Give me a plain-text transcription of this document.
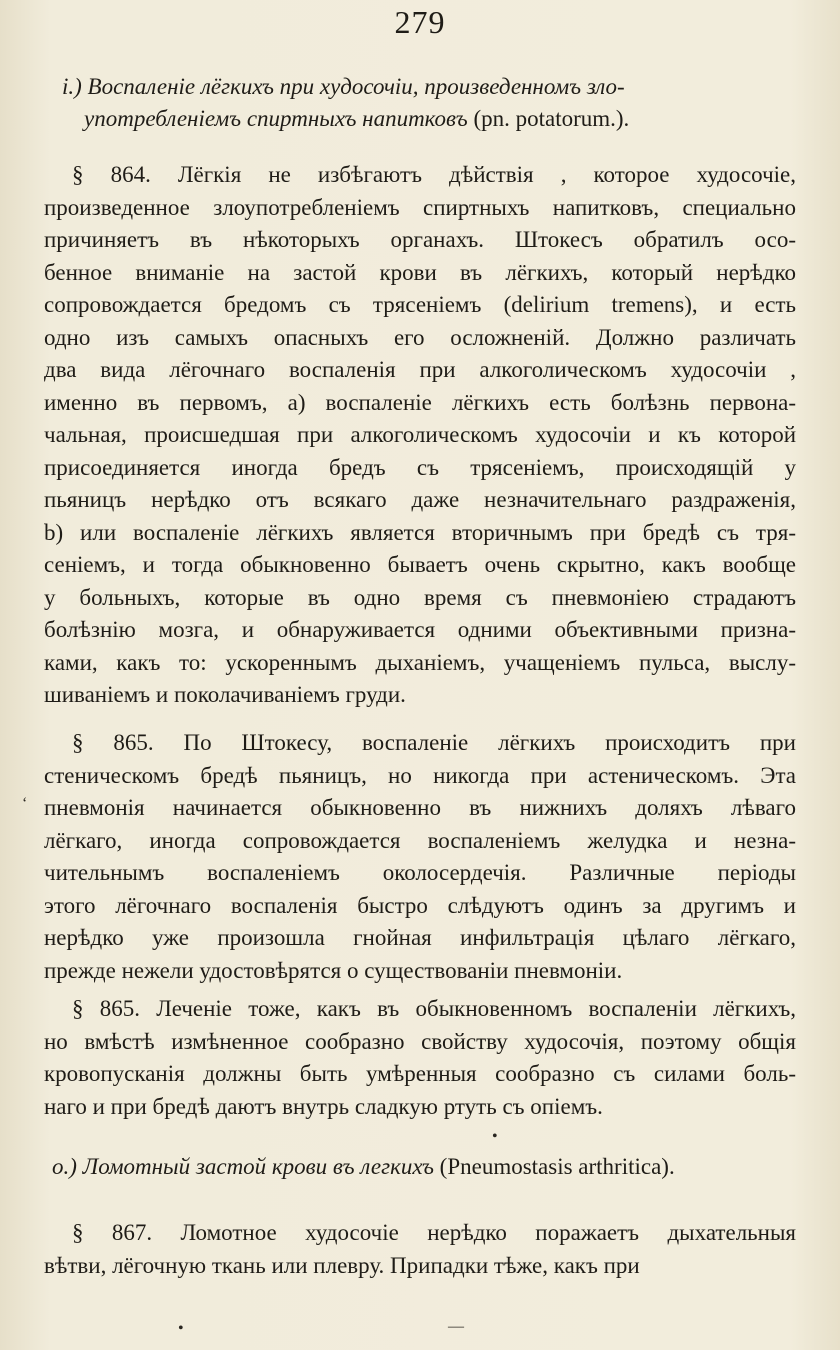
279
i.) Воспаленіе лёгкихъ при худосочіи, произведенномъ зло-
употребленіемъ спиртныхъ напитковъ (pn. potatorum.).
§ 864. Лёгкія не избѣгаютъ дѣйствія , которое худосочіе,
произведенное злоупотребленіемъ спиртныхъ напитковъ, специально
причиняетъ въ нѣкоторыхъ органахъ. Штокесъ обратилъ осо-
бенное вниманіе на застой крови въ лёгкихъ, который нерѣдко
сопровождается бредомъ съ трясеніемъ (delirium tremens), и есть
одно изъ самыхъ опасныхъ его осложненій. Должно различать
два вида лёгочнаго воспаленія при алкоголическомъ худосочіи ,
именно въ первомъ, a) воспаленіе лёгкихъ есть болѣзнь первона-
чальная, происшедшая при алкоголическомъ худосочіи и къ которой
присоединяется иногда бредъ съ трясеніемъ, происходящій у
пьяницъ нерѣдко отъ всякаго даже незначительнаго раздраженія,
b) или воспаленіе лёгкихъ является вторичнымъ при бредѣ съ тря-
сеніемъ, и тогда обыкновенно бываетъ очень скрытно, какъ вообще
у больныхъ, которые въ одно время съ пневмоніею страдаютъ
болѣзнію мозга, и обнаруживается одними объективными призна-
ками, какъ то: ускореннымъ дыханіемъ, учащеніемъ пульса, выслу-
шиваніемъ и поколачиваніемъ груди.
§ 865. По Штокесу, воспаленіе лёгкихъ происходитъ при
стеническомъ бредѣ пьяницъ, но никогда при астеническомъ. Эта
пневмонія начинается обыкновенно въ нижнихъ доляхъ лѣваго
лёгкаго, иногда сопровождается воспаленіемъ желудка и незна-
чительнымъ воспаленіемъ околосердечія. Различные періоды
этого лёгочнаго воспаленія быстро слѣдуютъ одинъ за другимъ и
нерѣдко уже произошла гнойная инфильтрація цѣлаго лёгкаго,
прежде нежели удостовѣрятся о существованіи пневмоніи.
§ 865. Леченіе тоже, какъ въ обыкновенномъ воспаленіи лёгкихъ,
но вмѣстѣ измѣненное сообразно свойству худосочія, поэтому общія
кровопусканія должны быть умѣренныя сообразно съ силами боль-
наго и при бредѣ даютъ внутрь сладкую ртуть съ опіемъ.
o.) Ломотный застой крови въ легкихъ (Pneumostasis arthritica).
§ 867. Ломотное худосочіе нерѣдко поражаетъ дыхательныя
вѣтви, лёгочную ткань или плевру. Припадки тѣже, какъ при
ʻ
•
•	—
